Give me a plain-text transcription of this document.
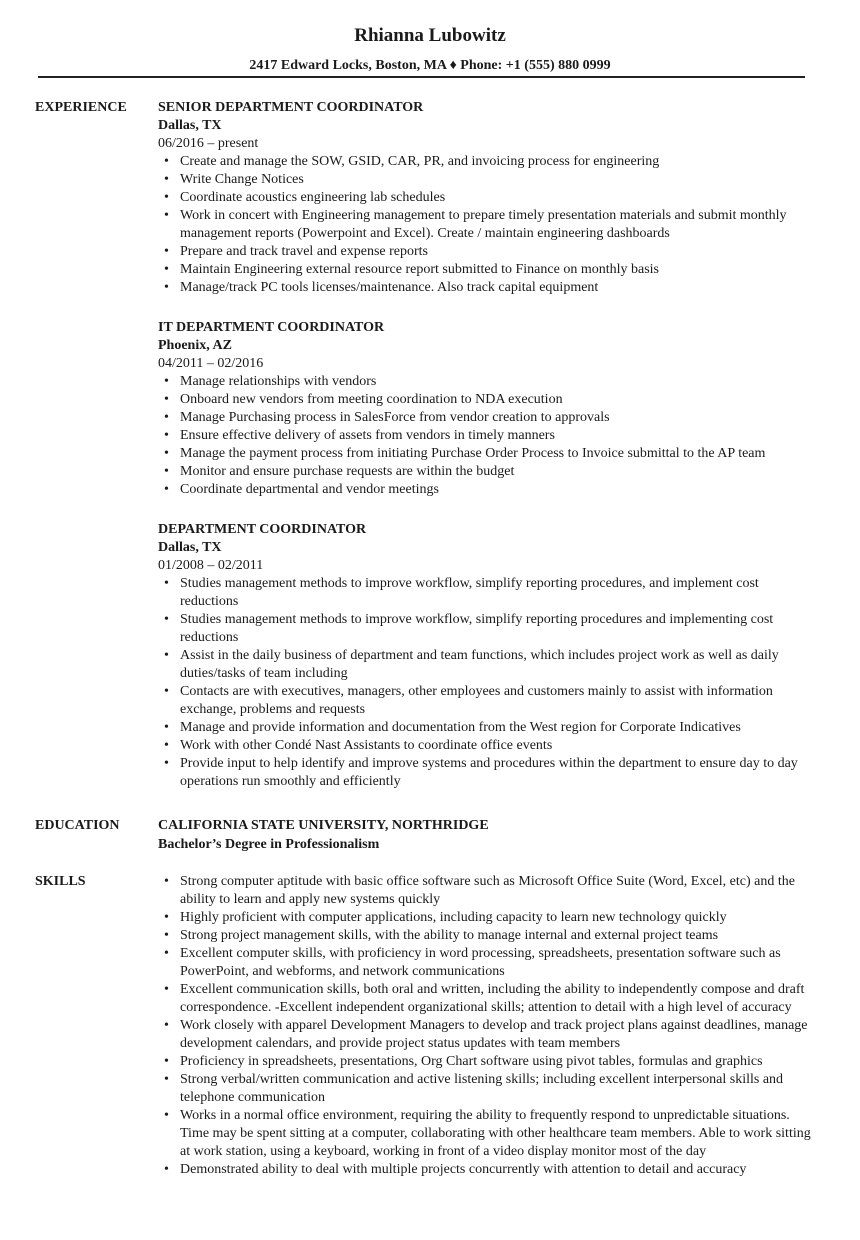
Rhianna Lubowitz
2417 Edward Locks, Boston, MA ♦ Phone: +1 (555) 880 0999
EXPERIENCE SENIOR DEPARTMENT COORDINATOR
Dallas, TX
06/2016 – present
• Create and manage the SOW, GSID, CAR, PR, and invoicing process for engineering
• Write Change Notices
• Coordinate acoustics engineering lab schedules
• Work in concert with Engineering management to prepare timely presentation materials and submit monthly management reports (Powerpoint and Excel). Create / maintain engineering dashboards
• Prepare and track travel and expense reports
• Maintain Engineering external resource report submitted to Finance on monthly basis
• Manage/track PC tools licenses/maintenance. Also track capital equipment
IT DEPARTMENT COORDINATOR
Phoenix, AZ
04/2011 – 02/2016
• Manage relationships with vendors
• Onboard new vendors from meeting coordination to NDA execution
• Manage Purchasing process in SalesForce from vendor creation to approvals
• Ensure effective delivery of assets from vendors in timely manners
• Manage the payment process from initiating Purchase Order Process to Invoice submittal to the AP team
• Monitor and ensure purchase requests are within the budget
• Coordinate departmental and vendor meetings
DEPARTMENT COORDINATOR
Dallas, TX
01/2008 – 02/2011
• Studies management methods to improve workflow, simplify reporting procedures, and implement cost reductions
• Studies management methods to improve workflow, simplify reporting procedures and implementing cost reductions
• Assist in the daily business of department and team functions, which includes project work as well as daily duties/tasks of team including
• Contacts are with executives, managers, other employees and customers mainly to assist with information exchange, problems and requests
• Manage and provide information and documentation from the West region for Corporate Indicatives
• Work with other Condé Nast Assistants to coordinate office events
• Provide input to help identify and improve systems and procedures within the department to ensure day to day operations run smoothly and efficiently
EDUCATION	CALIFORNIA STATE UNIVERSITY, NORTHRIDGE
Bachelor’s Degree in Professionalism
SKILLS	• Strong computer aptitude with basic office software such as Microsoft Office Suite (Word, Excel, etc) and the ability to learn and apply new systems quickly
• Highly proficient with computer applications, including capacity to learn new technology quickly
• Strong project management skills, with the ability to manage internal and external project teams
• Excellent computer skills, with proficiency in word processing, spreadsheets, presentation software such as PowerPoint, and webforms, and network communications
• Excellent communication skills, both oral and written, including the ability to independently compose and draft correspondence. -Excellent independent organizational skills; attention to detail with a high level of accuracy
• Work closely with apparel Development Managers to develop and track project plans against deadlines, manage development calendars, and provide project status updates with team members
• Proficiency in spreadsheets, presentations, Org Chart software using pivot tables, formulas and graphics
• Strong verbal/written communication and active listening skills; including excellent interpersonal skills and telephone communication
• Works in a normal office environment, requiring the ability to frequently respond to unpredictable situations. Time may be spent sitting at a computer, collaborating with other healthcare team members. Able to work sitting at work station, using a keyboard, working in front of a video display monitor most of the day
• Demonstrated ability to deal with multiple projects concurrently with attention to detail and accuracy
